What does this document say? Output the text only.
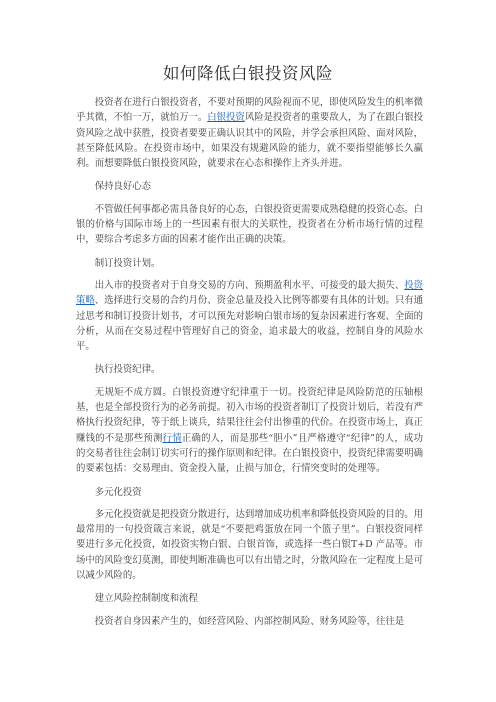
如何降低白银投资风险

投资者在进行白银投资者，不要对预期的风险视而不见，即使风险发生的机率微乎其微，不怕一万，就怕万一。白银投资风险是投资者的重要敌人，为了在跟白银投资风险之战中获胜，投资者要要正确认识其中的风险，并学会承担风险、面对风险，甚至降低风险。在投资市场中，如果没有规避风险的能力，就不要指望能够长久赢利。而想要降低白银投资风险，就要求在心态和操作上齐头并进。

保持良好心态

不管做任何事都必需具备良好的心态，白银投资更需要成熟稳健的投资心态。白银的价格与国际市场上的一些因素有很大的关联性，投资者在分析市场行情的过程中，要综合考虑多方面的因素才能作出正确的决策。

制订投资计划。

出入市的投资者对于自身交易的方向、预期盈利水平、可接受的最大损失、投资策略、选择进行交易的合约月份、资金总量及投入比例等都要有具体的计划。只有通过思考和制订投资计划书，才可以预先对影响白银市场的复杂因素进行客观、全面的分析，从而在交易过程中管理好自己的资金，追求最大的收益，控制自身的风险水平。

执行投资纪律。

无规矩不成方圆。白银投资遵守纪律重于一切。投资纪律是风险防范的压轴根基，也是全部投资行为的必务前提。初入市场的投资者制订了投资计划后，若没有严格执行投资纪律，等于纸上谈兵，结果往往会付出惨重的代价。在投资市场上，真正赚钱的不是那些预测行情正确的人，而是那些“胆小”且严格遵守“纪律”的人，成功的交易者往往会制订切实可行的操作原则和纪律。在白银投资中，投资纪律需要明确的要素包括：交易理由、资金投入量，止损与加仓，行情突变时的处理等。

多元化投资

多元化投资就是把投资分散进行，达到增加成功机率和降低投资风险的目的。用最常用的一句投资箴言来说，就是“不要把鸡蛋放在同一个篮子里”。白银投资同样要进行多元化投资，如投资实物白银、白银首饰，或选择一些白银T+D 产品等。市场中的风险变幻莫测，即使判断准确也可以有出错之时，分散风险在一定程度上是可以减少风险的。

建立风险控制制度和流程

投资者自身因素产生的，如经营风险、内部控制风险、财务风险等，往往是
